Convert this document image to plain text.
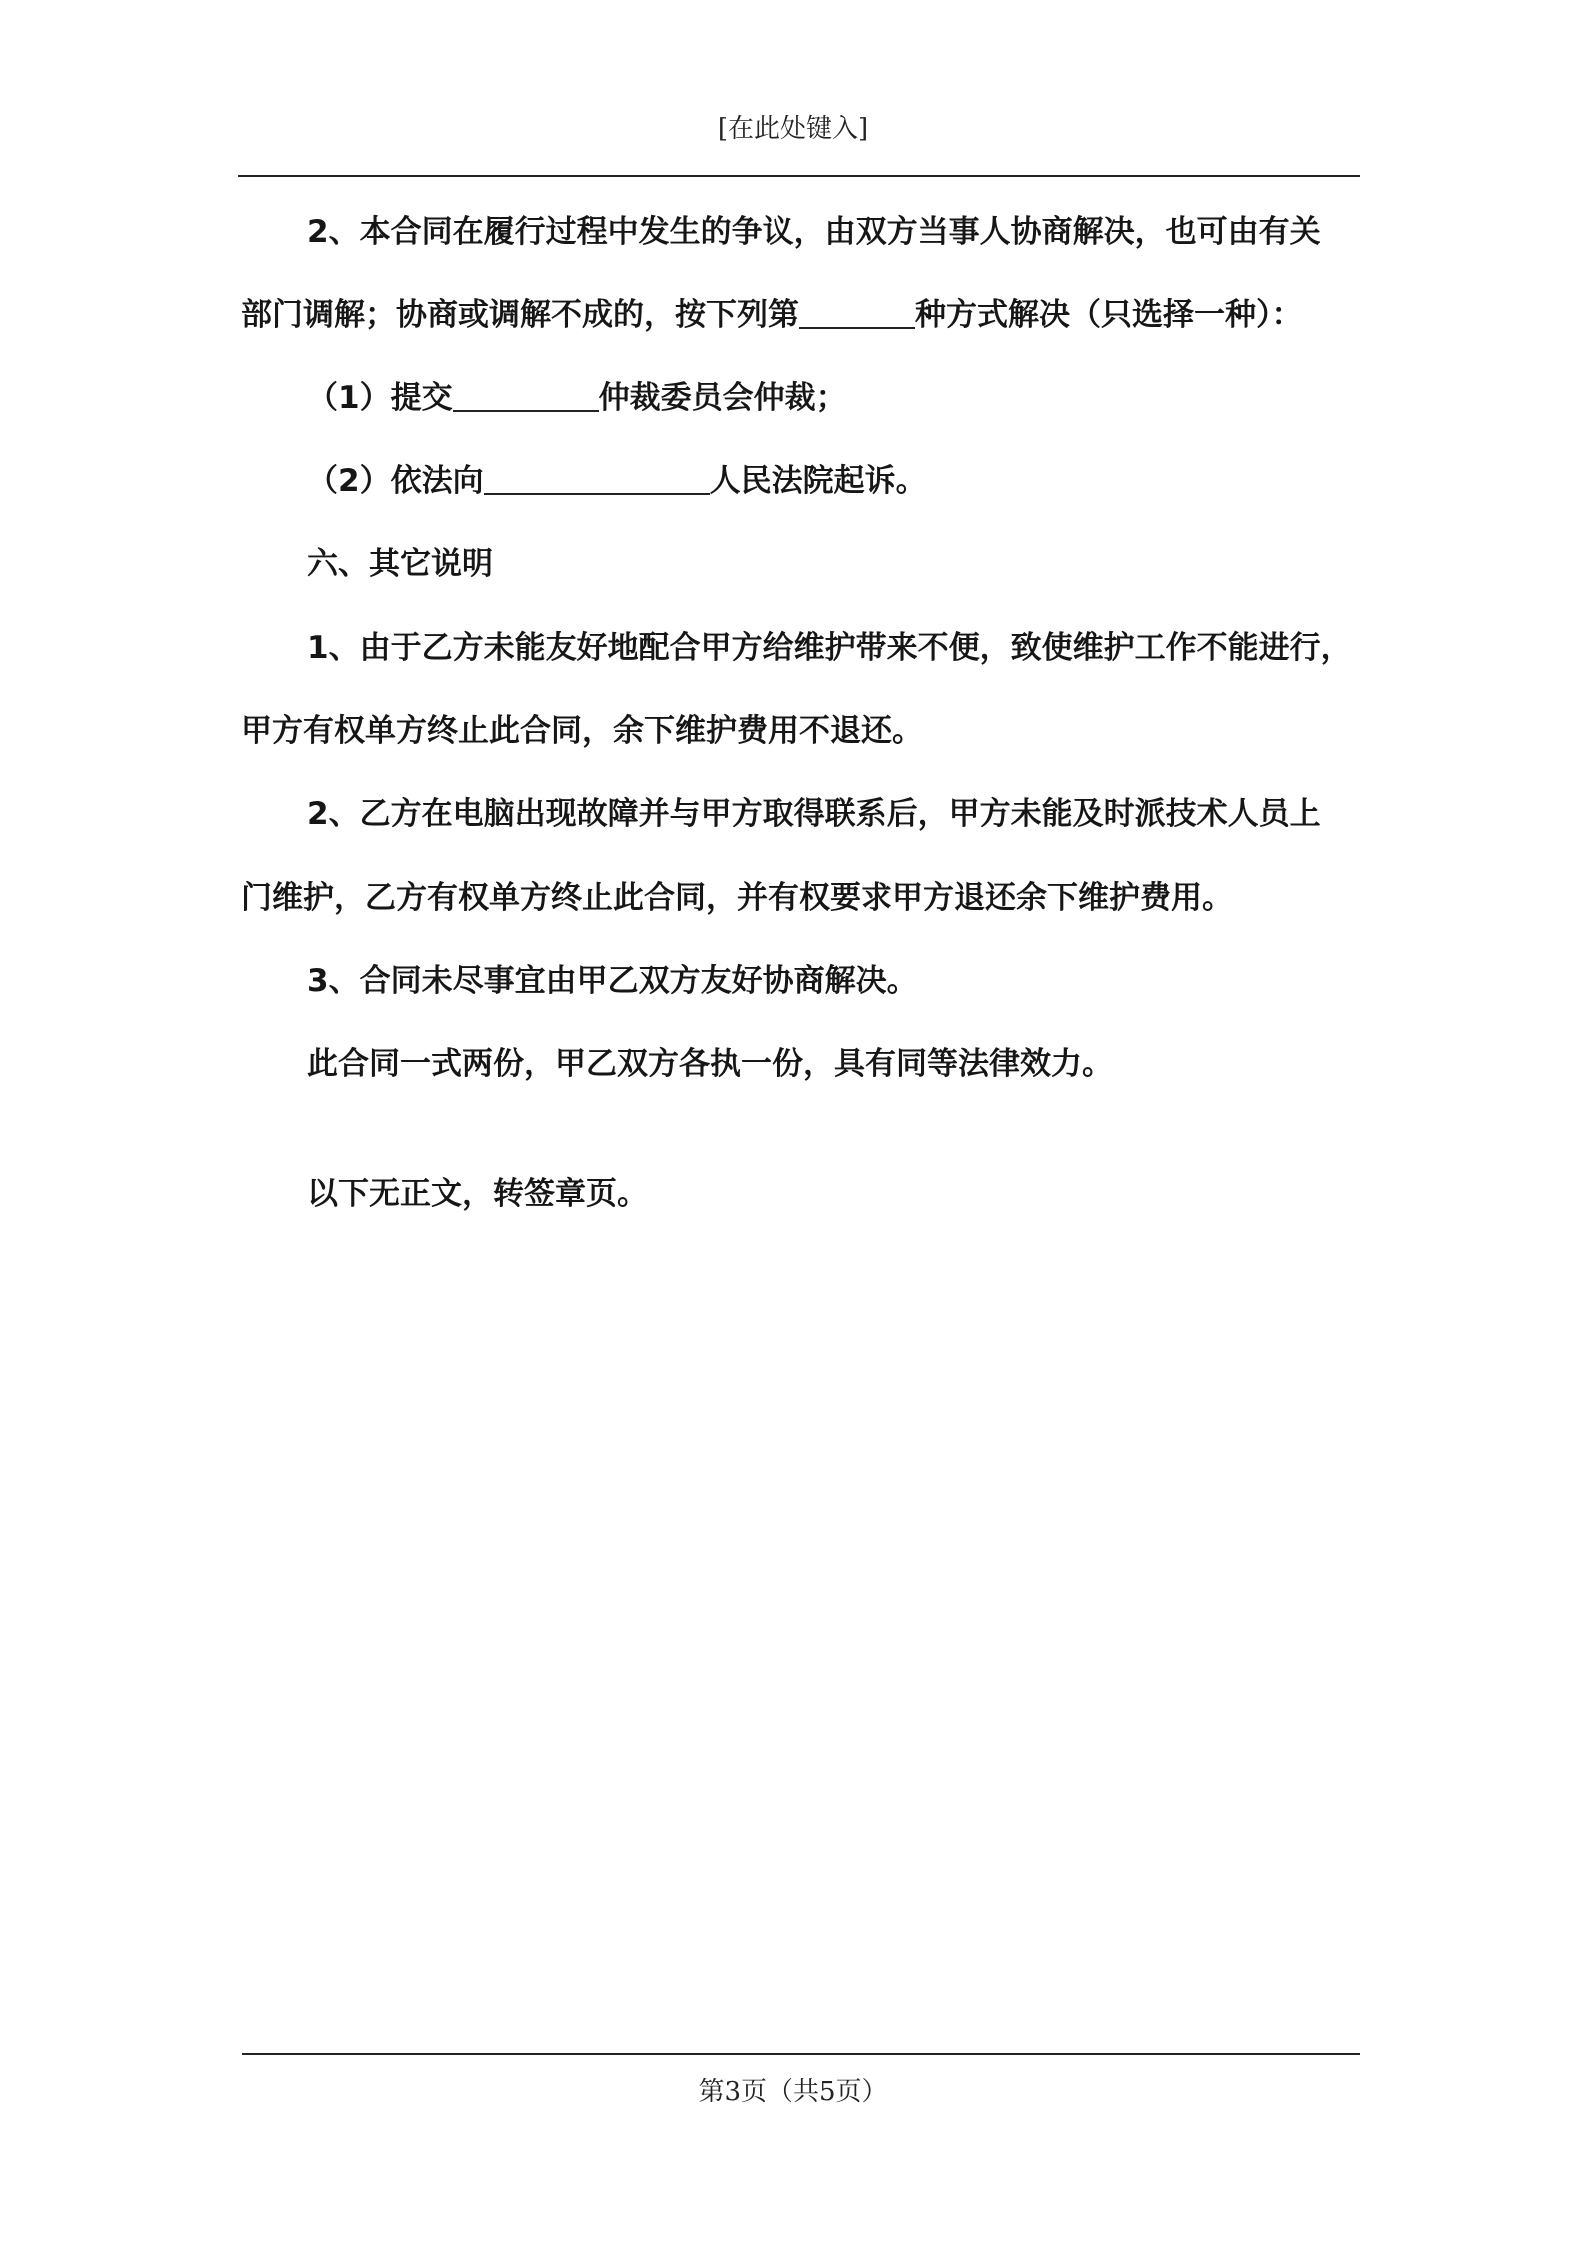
[在此处键入]
2、本合同在履行过程中发生的争议，由双方当事人协商解决，也可由有关
部门调解；协商或调解不成的，按下列第	种方式解决（只选择一种）：
（1）提交	仲裁委员会仲裁；
（2）依法向	人民法院起诉。
六、其它说明
1、由于乙方未能友好地配合甲方给维护带来不便，致使维护工作不能进行，
甲方有权单方终止此合同，余下维护费用不退还。
2、乙方在电脑出现故障并与甲方取得联系后，甲方未能及时派技术人员上
门维护，乙方有权单方终止此合同，并有权要求甲方退还余下维护费用。
3、合同未尽事宜由甲乙双方友好协商解决。
此合同一式两份，甲乙双方各执一份，具有同等法律效力。
以下无正文，转签章页。
第3页（共5页）
